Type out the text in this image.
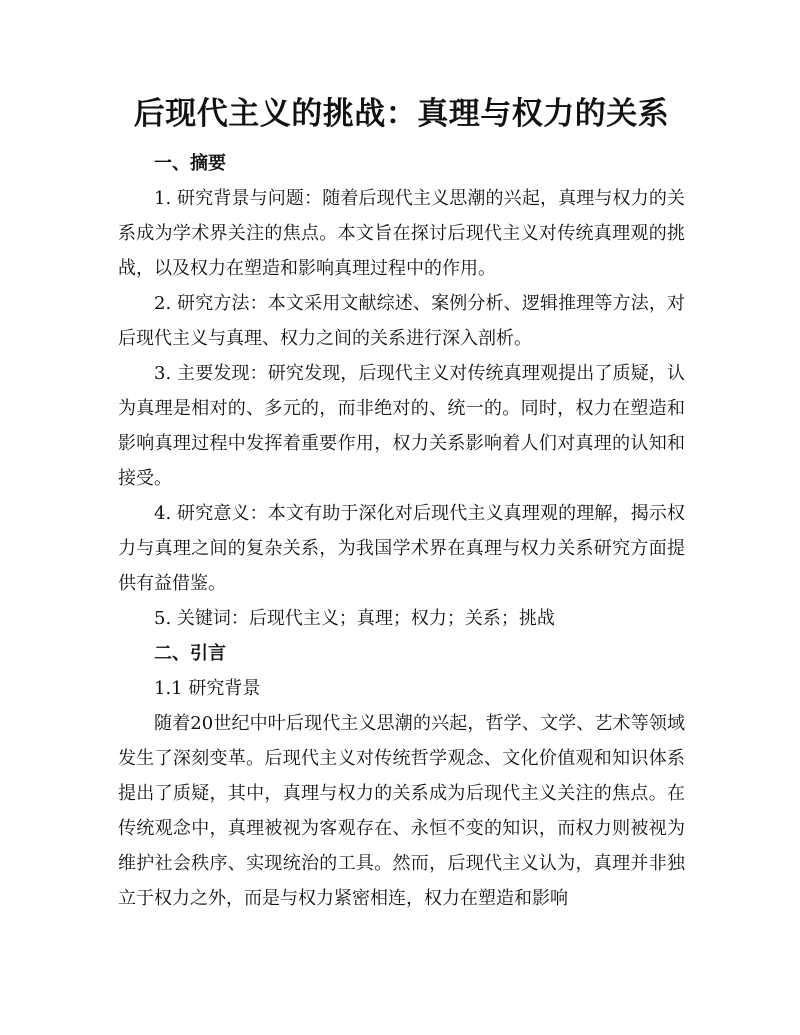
后现代主义的挑战：真理与权力的关系

一、摘要

1. 研究背景与问题：随着后现代主义思潮的兴起，真理与权力的关系成为学术界关注的焦点。本文旨在探讨后现代主义对传统真理观的挑战，以及权力在塑造和影响真理过程中的作用。

2. 研究方法：本文采用文献综述、案例分析、逻辑推理等方法，对后现代主义与真理、权力之间的关系进行深入剖析。

3. 主要发现：研究发现，后现代主义对传统真理观提出了质疑，认为真理是相对的、多元的，而非绝对的、统一的。同时，权力在塑造和影响真理过程中发挥着重要作用，权力关系影响着人们对真理的认知和接受。

4. 研究意义：本文有助于深化对后现代主义真理观的理解，揭示权力与真理之间的复杂关系，为我国学术界在真理与权力关系研究方面提供有益借鉴。

5. 关键词：后现代主义；真理；权力；关系；挑战

二、引言

1.1 研究背景

随着20世纪中叶后现代主义思潮的兴起，哲学、文学、艺术等领域发生了深刻变革。后现代主义对传统哲学观念、文化价值观和知识体系提出了质疑，其中，真理与权力的关系成为后现代主义关注的焦点。在传统观念中，真理被视为客观存在、永恒不变的知识，而权力则被视为维护社会秩序、实现统治的工具。然而，后现代主义认为，真理并非独立于权力之外，而是与权力紧密相连，权力在塑造和影响
